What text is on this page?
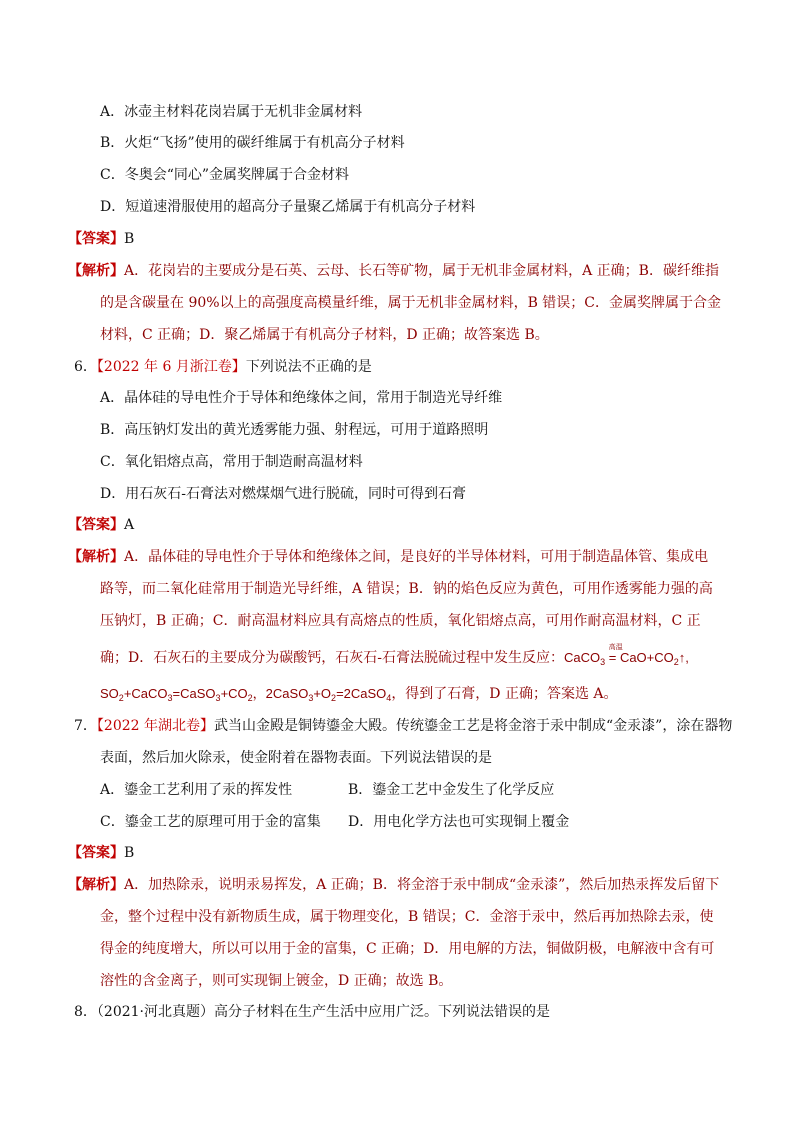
A．冰壶主材料花岗岩属于无机非金属材料
B．火炬“飞扬”使用的碳纤维属于有机高分子材料
C．冬奥会“同心”金属奖牌属于合金材料
D．短道速滑服使用的超高分子量聚乙烯属于有机高分子材料
【答案】B
【解析】A．花岗岩的主要成分是石英、云母、长石等矿物，属于无机非金属材料，A 正确；B．碳纤维指
的是含碳量在 90%以上的高强度高模量纤维，属于无机非金属材料，B 错误；C．金属奖牌属于合金
材料，C 正确；D．聚乙烯属于有机高分子材料，D 正确；故答案选 B。
6．【2022 年 6 月浙江卷】下列说法不正确的是
A．晶体硅的导电性介于导体和绝缘体之间，常用于制造光导纤维
B．高压钠灯发出的黄光透雾能力强、射程远，可用于道路照明
C．氧化铝熔点高，常用于制造耐高温材料
D．用石灰石-石膏法对燃煤烟气进行脱硫，同时可得到石膏
【答案】A
【解析】A．晶体硅的导电性介于导体和绝缘体之间，是良好的半导体材料，可用于制造晶体管、集成电
路等，而二氧化硅常用于制造光导纤维，A 错误；B．钠的焰色反应为黄色，可用作透雾能力强的高
压钠灯，B 正确；C．耐高温材料应具有高熔点的性质，氧化铝熔点高，可用作耐高温材料，C 正
确；D．石灰石的主要成分为碳酸钙，石灰石-石膏法脱硫过程中发生反应：CaCO$_3$
高温
= $CaO+CO_2↑$,
$SO_2+CaCO_3=CaSO_3+CO_2$，$2CaSO_3+O_2=2CaSO_4$，得到了石膏，D 正确；答案选 A。
7．【2022 年湖北卷】武当山金殿是铜铸鎏金大殿。传统鎏金工艺是将金溶于汞中制成“金汞漆”，涂在器物
表面，然后加火除汞，使金附着在器物表面。下列说法错误的是
A．鎏金工艺利用了汞的挥发性	B．鎏金工艺中金发生了化学反应
C．鎏金工艺的原理可用于金的富集 D．用电化学方法也可实现铜上覆金
【答案】B
【解析】A．加热除汞，说明汞易挥发，A 正确；B．将金溶于汞中制成“金汞漆”，然后加热汞挥发后留下
金，整个过程中没有新物质生成，属于物理变化，B 错误；C．金溶于汞中，然后再加热除去汞，使
得金的纯度增大，所以可以用于金的富集，C 正确；D．用电解的方法，铜做阴极，电解液中含有可
溶性的含金离子，则可实现铜上镀金，D 正确；故选 B。
8．（2021·河北真题）高分子材料在生产生活中应用广泛。下列说法错误的是
